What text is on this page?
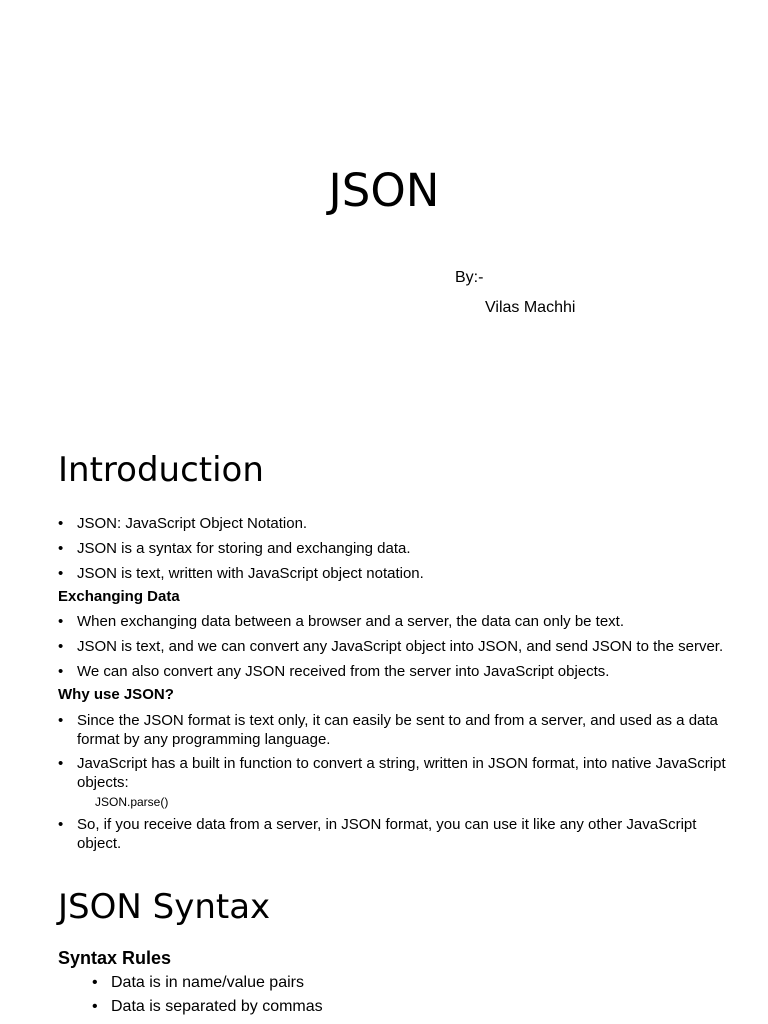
JSON
By:-
Vilas Machhi
Introduction
• JSON: JavaScript Object Notation.
• JSON is a syntax for storing and exchanging data.
• JSON is text, written with JavaScript object notation.
Exchanging Data
• When exchanging data between a browser and a server, the data can only be text.
• JSON is text, and we can convert any JavaScript object into JSON, and send JSON to the server.
• We can also convert any JSON received from the server into JavaScript objects.
Why use JSON?
• Since the JSON format is text only, it can easily be sent to and from a server, and used as a data format by any programming language.
• JavaScript has a built in function to convert a string, written in JSON format, into native JavaScript objects:
JSON.parse()
• So, if you receive data from a server, in JSON format, you can use it like any other JavaScript object.
JSON Syntax
Syntax Rules
• Data is in name/value pairs
• Data is separated by commas
